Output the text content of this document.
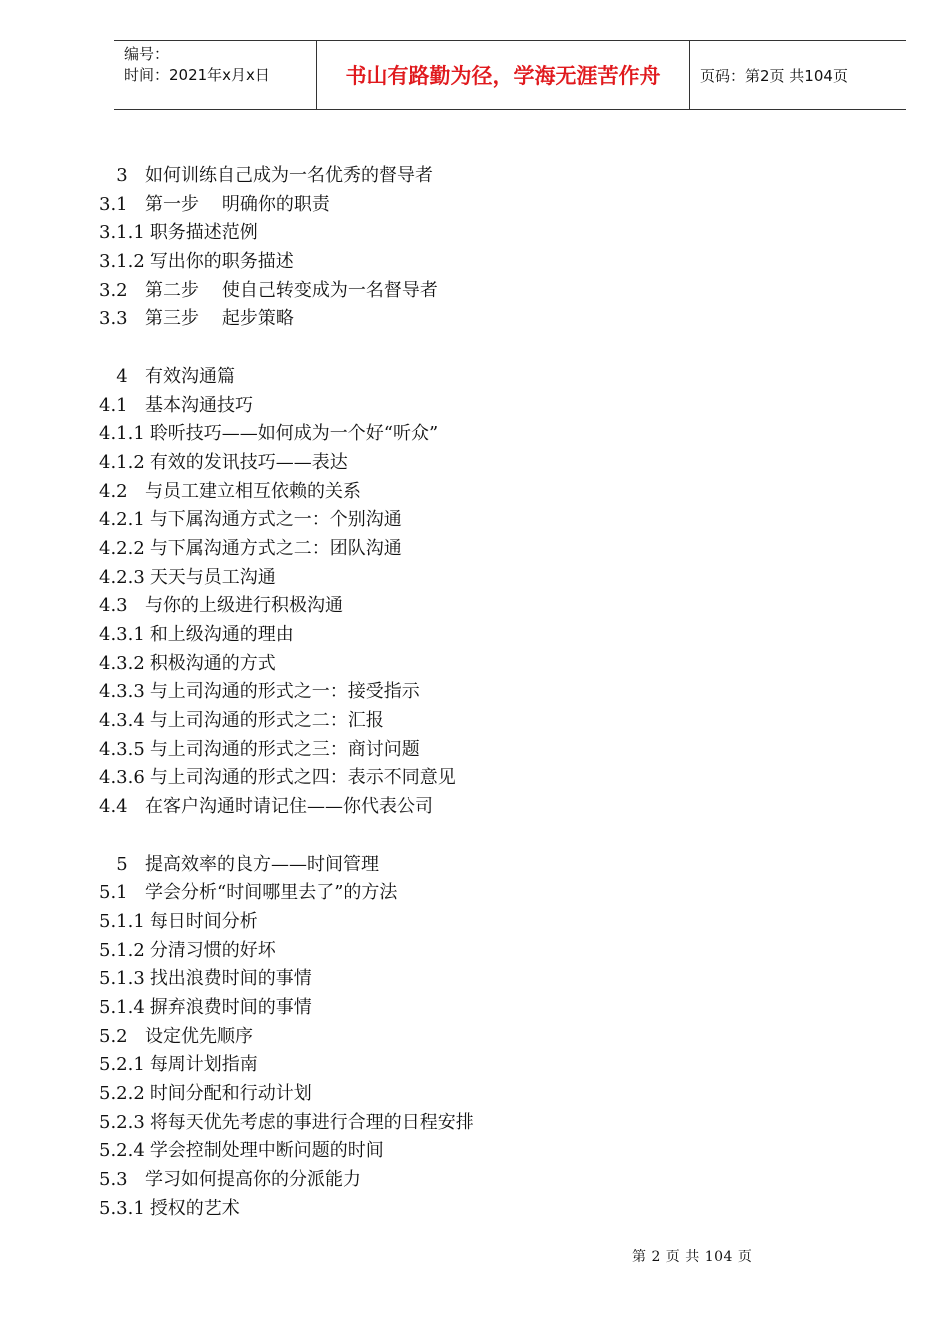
编号：
时间：2021年x月x日	书山有路勤为径，学海无涯苦作舟	页码：第2页 共104页
3 如何训练自己成为一名优秀的督导者
3.1 第一步    明确你的职责
3.1.1 职务描述范例
3.1.2 写出你的职务描述
3.2 第二步    使自己转变成为一名督导者
3.3 第三步    起步策略
4 有效沟通篇
4.1 基本沟通技巧
4.1.1 聆听技巧——如何成为一个好“听众”
4.1.2 有效的发讯技巧——表达
4.2 与员工建立相互依赖的关系
4.2.1 与下属沟通方式之一：个别沟通
4.2.2 与下属沟通方式之二：团队沟通
4.2.3 天天与员工沟通
4.3 与你的上级进行积极沟通
4.3.1 和上级沟通的理由
4.3.2 积极沟通的方式
4.3.3 与上司沟通的形式之一：接受指示
4.3.4 与上司沟通的形式之二：汇报
4.3.5 与上司沟通的形式之三：商讨问题
4.3.6 与上司沟通的形式之四：表示不同意见
4.4 在客户沟通时请记住——你代表公司
5 提高效率的良方——时间管理
5.1 学会分析“时间哪里去了”的方法
5.1.1 每日时间分析
5.1.2 分清习惯的好坏
5.1.3 找出浪费时间的事情
5.1.4 摒弃浪费时间的事情
5.2 设定优先顺序
5.2.1 每周计划指南
5.2.2 时间分配和行动计划
5.2.3 将每天优先考虑的事进行合理的日程安排
5.2.4 学会控制处理中断问题的时间
5.3 学习如何提高你的分派能力
5.3.1 授权的艺术
第 2 页 共 104 页
